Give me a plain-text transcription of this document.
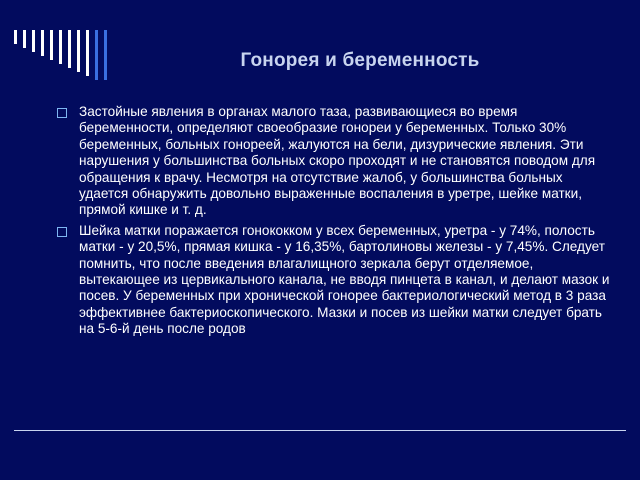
Гонорея и беременность
Застойные явления в органах малого таза, развивающиеся во время беременности, определяют своеобразие гонореи у беременных. Только 30% беременных, больных гонореей, жалуются на бели, дизурические явления. Эти нарушения у большинства больных скоро проходят и не становятся поводом для обращения к врачу. Несмотря на отсутствие жалоб, у большинства больных удается обнаружить довольно выраженные воспаления в уретре, шейке матки, прямой кишке и т. д.
Шейка матки поражается гонококком у всех беременных, уретра - у 74%, полость матки - у 20,5%, прямая кишка - у 16,35%, бартолиновы железы - у 7,45%. Следует помнить, что после введения влагалищного зеркала берут отделяемое, вытекающее из цервикального канала, не вводя пинцета в канал, и делают мазок и посев. У беременных при хронической гонорее бактериологический метод в 3 раза эффективнее бактериоскопического. Мазки и посев из шейки матки следует брать на 5-6-й день после родов
